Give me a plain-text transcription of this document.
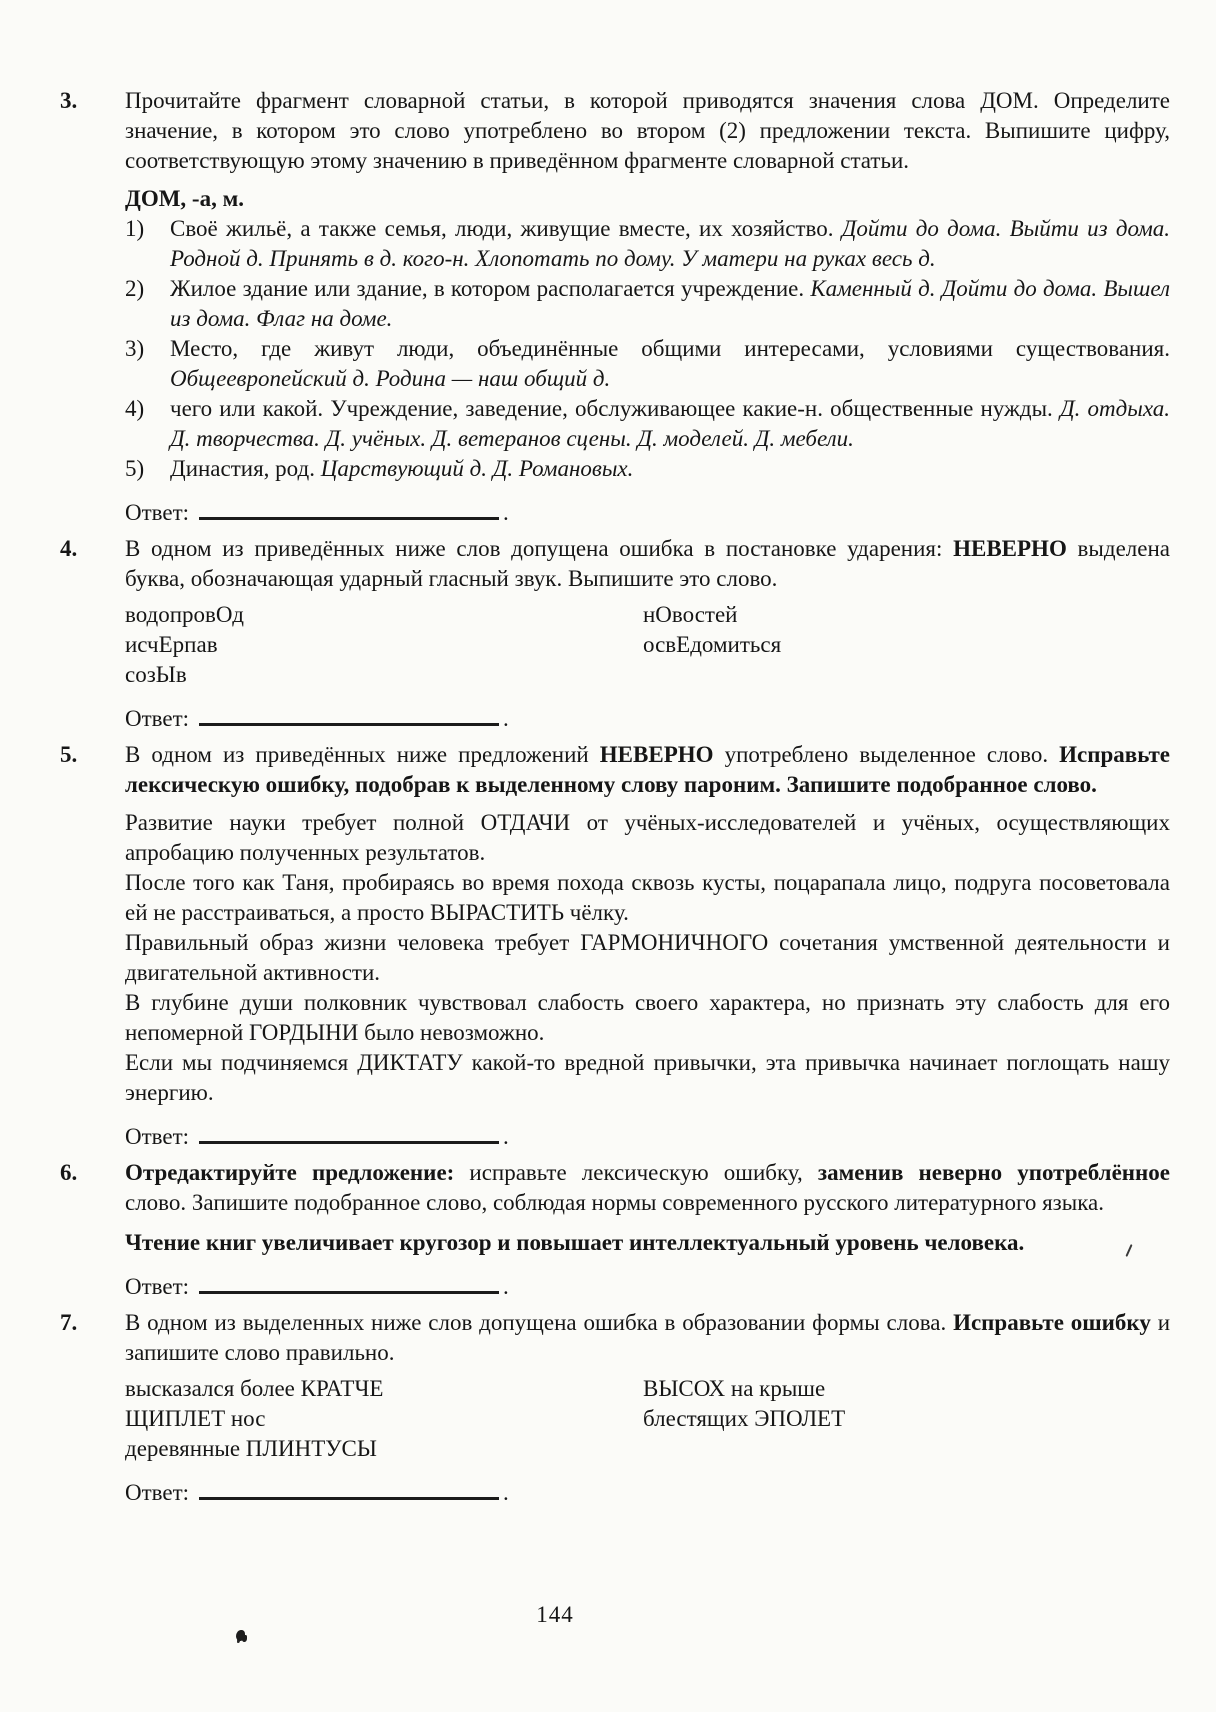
3.	Прочитайте фрагмент словарной статьи, в которой приводятся значения слова ДОМ. Определите значение, в котором это слово употреблено во втором (2) предложении текста. Выпишите цифру, соответствующую этому значению в приведённом фрагменте словарной статьи.

ДОМ, -а, м.

1)	Своё жильё, а также семья, люди, живущие вместе, их хозяйство. Дойти до дома. Выйти из дома. Родной д. Принять в д. кого-н. Хлопотать по дому. У матери на руках весь д.
2)	Жилое здание или здание, в котором располагается учреждение. Каменный д. Дойти до дома. Вышел из дома. Флаг на доме.
3)	Место, где живут люди, объединённые общими интересами, условиями существования. Общеевропейский д. Родина — наш общий д.
4)	чего или какой. Учреждение, заведение, обслуживающее какие-н. общественные нужды. Д. отдыха. Д. творчества. Д. учёных. Д. ветеранов сцены. Д. моделей. Д. мебели.
5)	Династия, род. Царствующий д. Д. Романовых.
Ответ:	.
4.	В одном из приведённых ниже слов допущена ошибка в постановке ударения: НЕВЕРНО выделена буква, обозначающая ударный гласный звук. Выпишите это слово.

водопровОд	нОвостей
исчЕрпав	освЕдомиться
созЫв
Ответ:	.
5.	В одном из приведённых ниже предложений НЕВЕРНО употреблено выделенное слово. Исправьте лексическую ошибку, подобрав к выделенному слову пароним. Запишите подобранное слово.

Развитие науки требует полной ОТДАЧИ от учёных-исследователей и учёных, осуществляющих апробацию полученных результатов.

После того как Таня, пробираясь во время похода сквозь кусты, поцарапала лицо, подруга посоветовала ей не расстраиваться, а просто ВЫРАСТИТЬ чёлку.

Правильный образ жизни человека требует ГАРМОНИЧНОГО сочетания умственной деятельности и двигательной активности.

В глубине души полковник чувствовал слабость своего характера, но признать эту слабость для его непомерной ГОРДЫНИ было невозможно.

Если мы подчиняемся ДИКТАТУ какой-то вредной привычки, эта привычка начинает поглощать нашу энергию.

Ответ:	.
6.	Отредактируйте предложение: исправьте лексическую ошибку, заменив неверно употреблённое слово. Запишите подобранное слово, соблюдая нормы современного русского литературного языка.

Чтение книг увеличивает кругозор и повышает интеллектуальный уровень человека.

Ответ:	.
7.	В одном из выделенных ниже слов допущена ошибка в образовании формы слова. Исправьте ошибку и запишите слово правильно.

высказался более КРАТЧЕ	ВЫСОХ на крыше
ЩИПЛЕТ нос	блестящих ЭПОЛЕТ
деревянные ПЛИНТУСЫ
Ответ:	.
144
